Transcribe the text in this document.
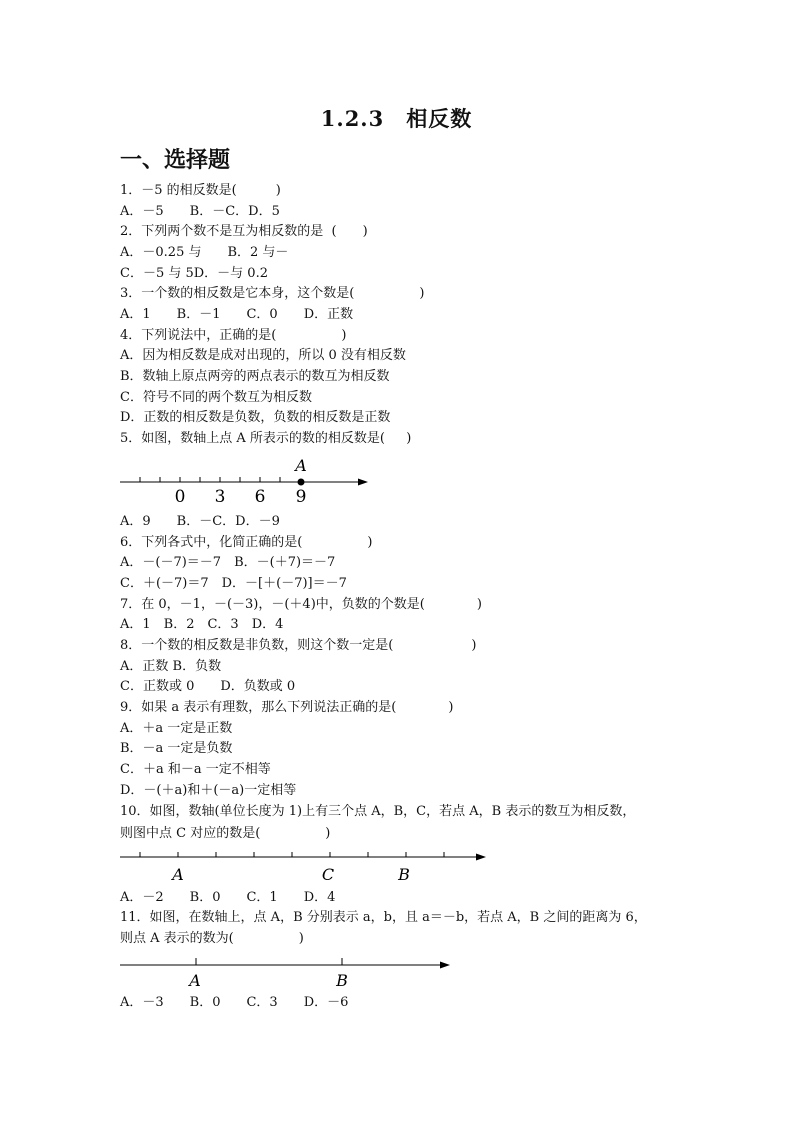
1.2.3　相反数
一、选择题
1．－5 的相反数是(　　　)
A．－5　　B．－C．D．5
2．下列两个数不是互为相反数的是  (　　)
A．－0.25 与　　B．2 与－
C．－5 与 5D．－与 0.2
3．一个数的相反数是它本身，这个数是(　　　　　)
A．1　　B．－1　　C．0　　D．正数
4．下列说法中，正确的是(　　　　　)
A．因为相反数是成对出现的，所以 0 没有相反数
B．数轴上原点两旁的两点表示的数互为相反数
C．符号不同的两个数互为相反数
D．正数的相反数是负数，负数的相反数是正数
5．如图，数轴上点 A 所表示的数的相反数是(　  )
A
0 3 6 9
A．9　　B．－C．D．－9
6．下列各式中，化简正确的是(　　　　　)
A．－(－7)＝－7　B．－(＋7)＝－7
C．＋(－7)＝7　D．－[＋(－7)]＝－7
7．在 0，－1，－(－3)，－(＋4)中，负数的个数是(　　　　)
A．1　B．2　C．3　D．4
8．一个数的相反数是非负数，则这个数一定是(　　　　　　)
A．正数 B．负数
C．正数或 0　　D．负数或 0
9．如果 a 表示有理数，那么下列说法正确的是(　　　　)
A．＋a 一定是正数
B．－a 一定是负数
C．＋a 和－a 一定不相等
D．－(＋a)和＋(－a)一定相等
10．如图，数轴(单位长度为 1)上有三个点 A，B，C，若点 A，B 表示的数互为相反数，
则图中点 C 对应的数是(　　　　　)
A	C	B
A．－2　　B．0　　C．1　　D．4
11．如图，在数轴上，点 A，B 分别表示 a，b，且 a＝－b，若点 A，B 之间的距离为 6，
则点 A 表示的数为(　　　　　)
A	B
A．－3　　B．0　　C．3　　D．－6
